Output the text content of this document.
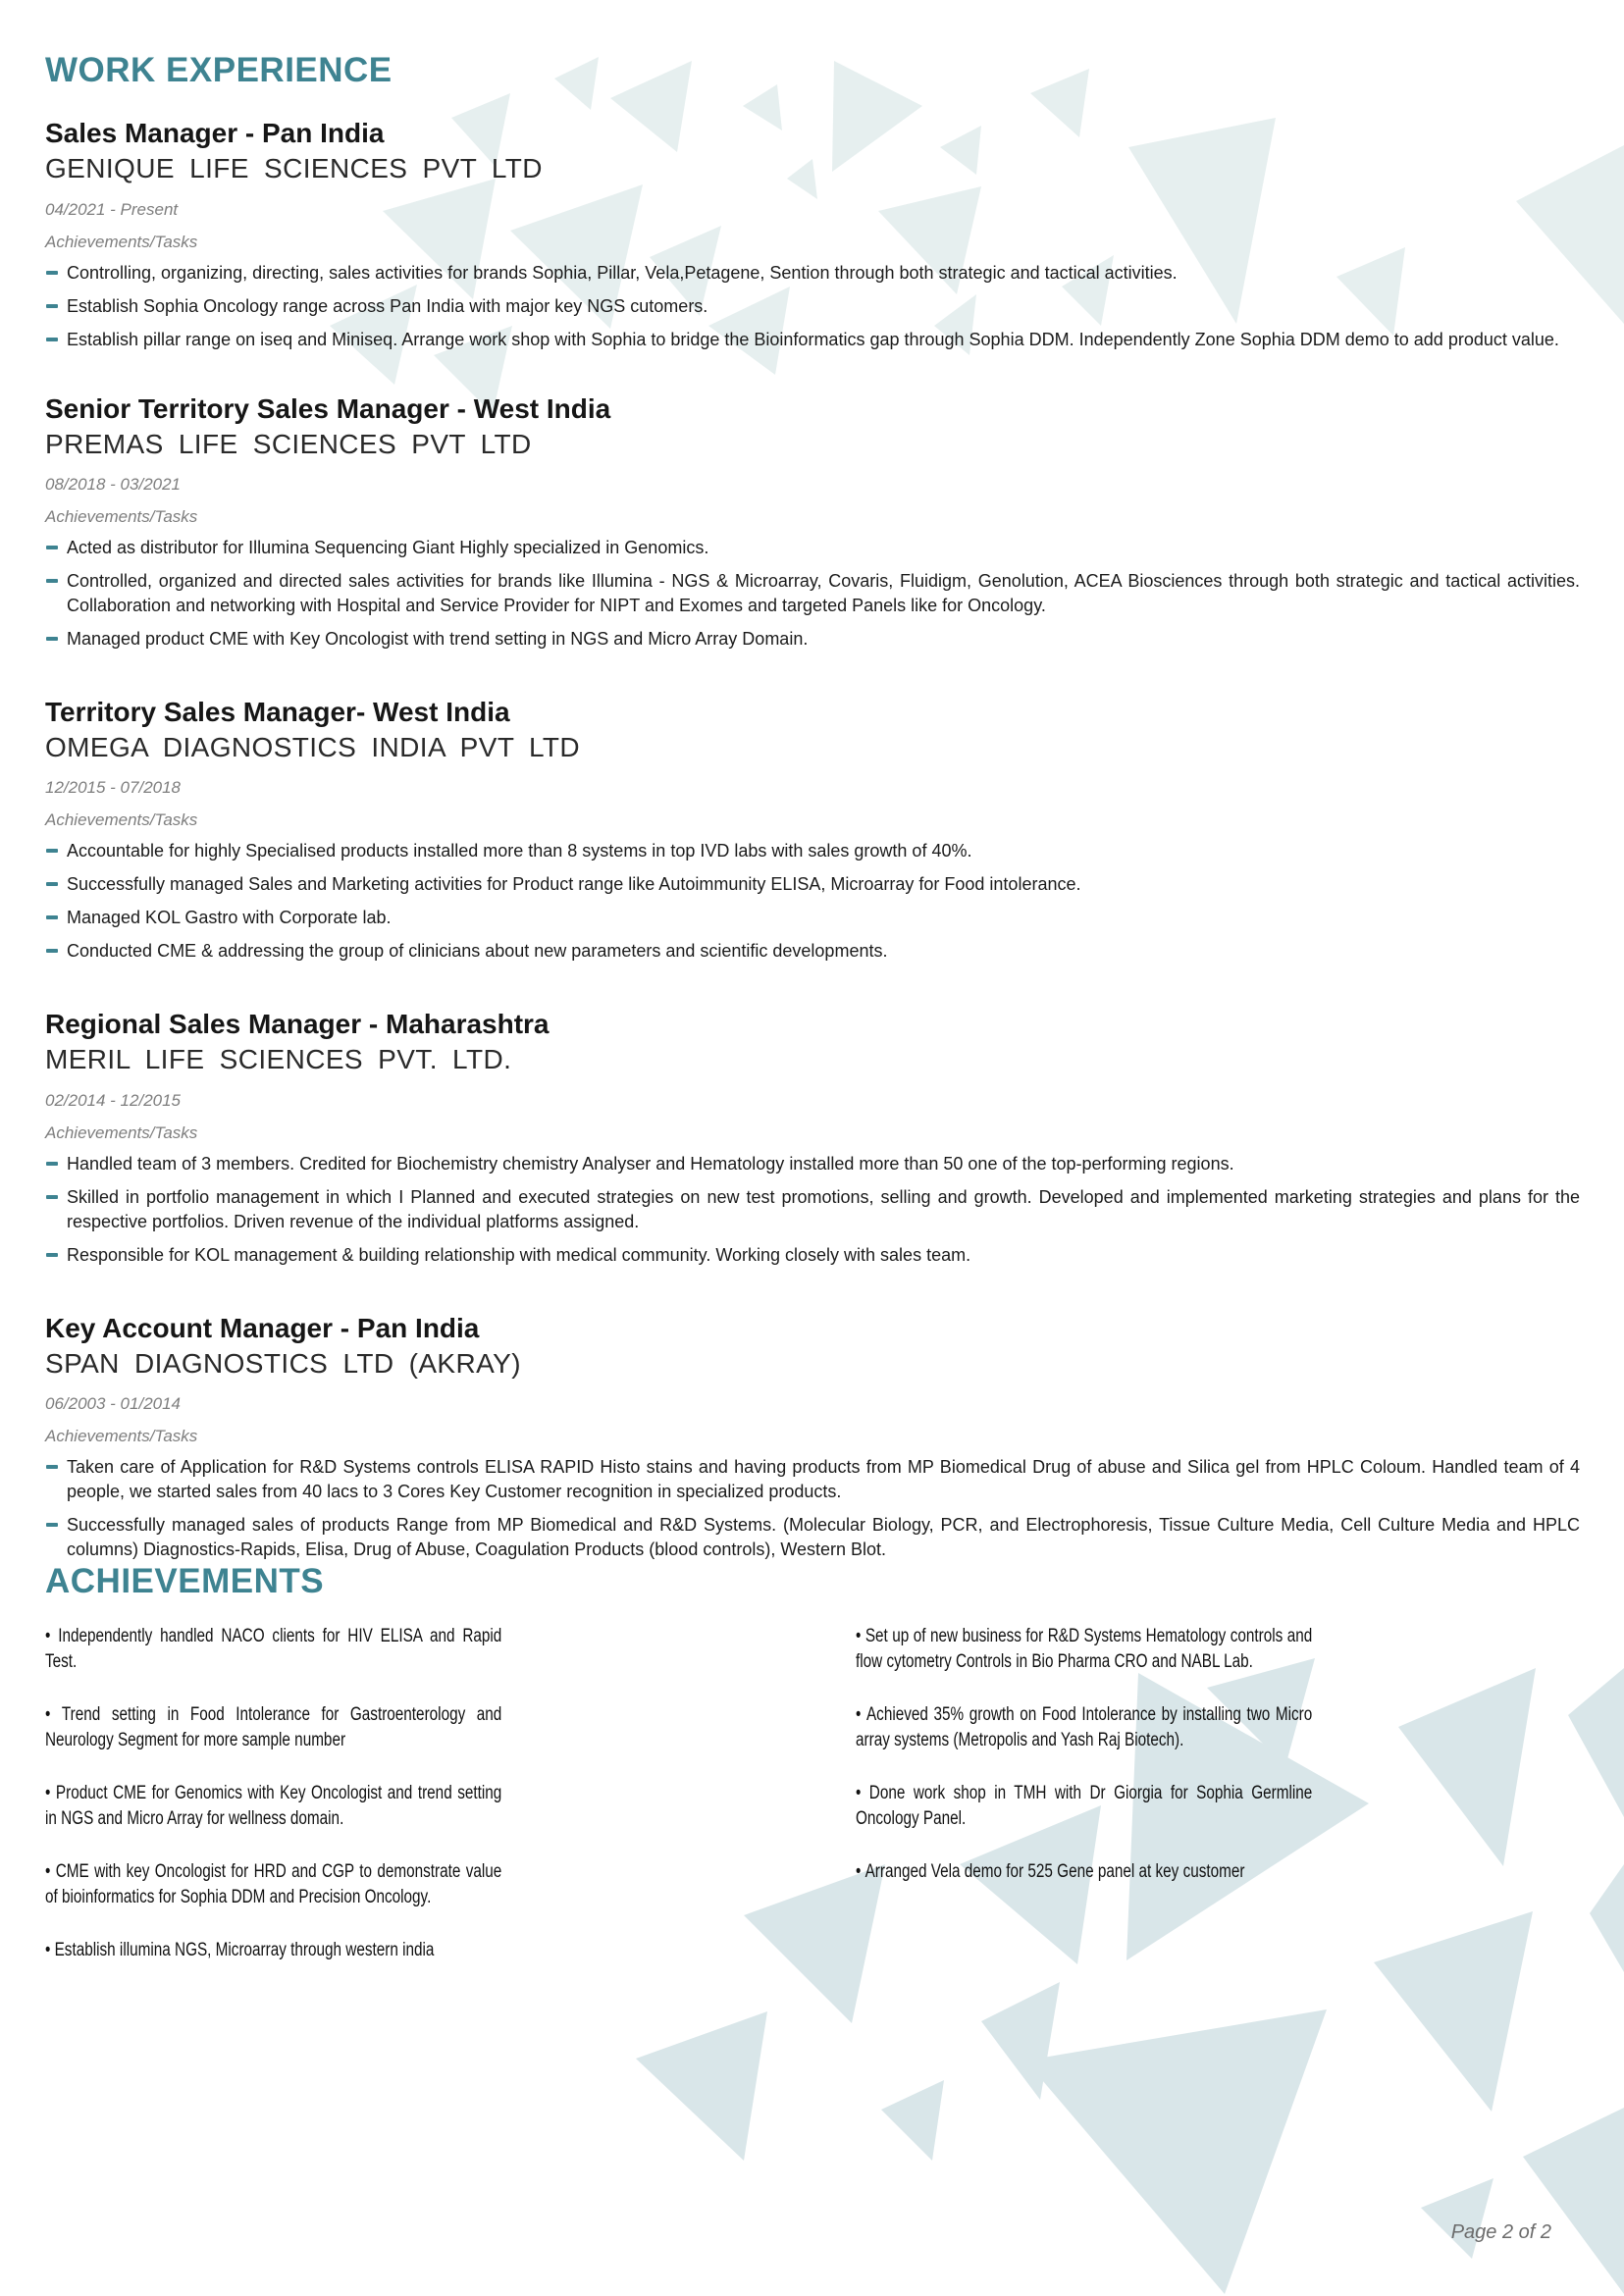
WORK EXPERIENCE
Sales Manager - Pan India
GENIQUE LIFE SCIENCES PVT LTD
04/2021 - Present
Achievements/Tasks
Controlling, organizing, directing, sales activities for brands Sophia, Pillar, Vela,Petagene, Sention through both strategic and tactical activities.
Establish Sophia Oncology range across Pan India with major key NGS cutomers.
Establish pillar range on iseq and Miniseq. Arrange work shop with Sophia to bridge the Bioinformatics gap through Sophia DDM. Independently Zone Sophia DDM demo to add product value.
Senior Territory Sales Manager - West India
PREMAS LIFE SCIENCES PVT LTD
08/2018 - 03/2021
Achievements/Tasks
Acted as distributor for Illumina Sequencing Giant Highly specialized in Genomics.
Controlled, organized and directed sales activities for brands like Illumina - NGS & Microarray, Covaris, Fluidigm, Genolution, ACEA Biosciences through both strategic and tactical activities. Collaboration and networking with Hospital and Service Provider for NIPT and Exomes and targeted Panels like for Oncology.
Managed product CME with Key Oncologist with trend setting in NGS and Micro Array Domain.
Territory Sales Manager- West India
OMEGA DIAGNOSTICS INDIA PVT LTD
12/2015 - 07/2018
Achievements/Tasks
Accountable for highly Specialised products installed more than 8 systems in top IVD labs with sales growth of 40%.
Successfully managed Sales and Marketing activities for Product range like Autoimmunity ELISA, Microarray for Food intolerance.
Managed KOL Gastro with Corporate lab.
Conducted CME & addressing the group of clinicians about new parameters and scientific developments.
Regional Sales Manager - Maharashtra
MERIL LIFE SCIENCES PVT. LTD.
02/2014 - 12/2015
Achievements/Tasks
Handled team of 3 members. Credited for Biochemistry chemistry Analyser and Hematology installed more than 50 one of the top-performing regions.
Skilled in portfolio management in which I Planned and executed strategies on new test promotions, selling and growth. Developed and implemented marketing strategies and plans for the respective portfolios. Driven revenue of the individual platforms assigned.
Responsible for KOL management & building relationship with medical community. Working closely with sales team.
Key Account Manager - Pan India
SPAN DIAGNOSTICS LTD (AKRAY)
06/2003 - 01/2014
Achievements/Tasks
Taken care of Application for R&D Systems controls ELISA RAPID Histo stains and having products from MP Biomedical Drug of abuse and Silica gel from HPLC Coloum. Handled team of 4 people, we started sales from 40 lacs to 3 Cores Key Customer recognition in specialized products.
Successfully managed sales of products Range from MP Biomedical and R&D Systems. (Molecular Biology, PCR, and Electrophoresis, Tissue Culture Media, Cell Culture Media and HPLC columns) Diagnostics-Rapids, Elisa, Drug of Abuse, Coagulation Products (blood controls), Western Blot.
ACHIEVEMENTS

• Independently handled NACO clients for HIV ELISA and Rapid Test.

• Trend setting in Food Intolerance for Gastroenterology and Neurology Segment for more sample number

• Product CME for Genomics with Key Oncologist and trend setting in NGS and Micro Array for wellness domain.

• CME with key Oncologist for HRD and CGP to demonstrate value of bioinformatics for Sophia DDM and Precision Oncology.

• Establish illumina NGS, Microarray through western india

• Set up of new business for R&D Systems Hematology controls and flow cytometry Controls in Bio Pharma CRO and NABL Lab.

• Achieved 35% growth on Food Intolerance by installing two Micro array systems (Metropolis and Yash Raj Biotech).

• Done work shop in TMH with Dr Giorgia for Sophia Germline Oncology Panel.

• Arranged Vela demo for 525 Gene panel at key customer

Page 2 of 2
